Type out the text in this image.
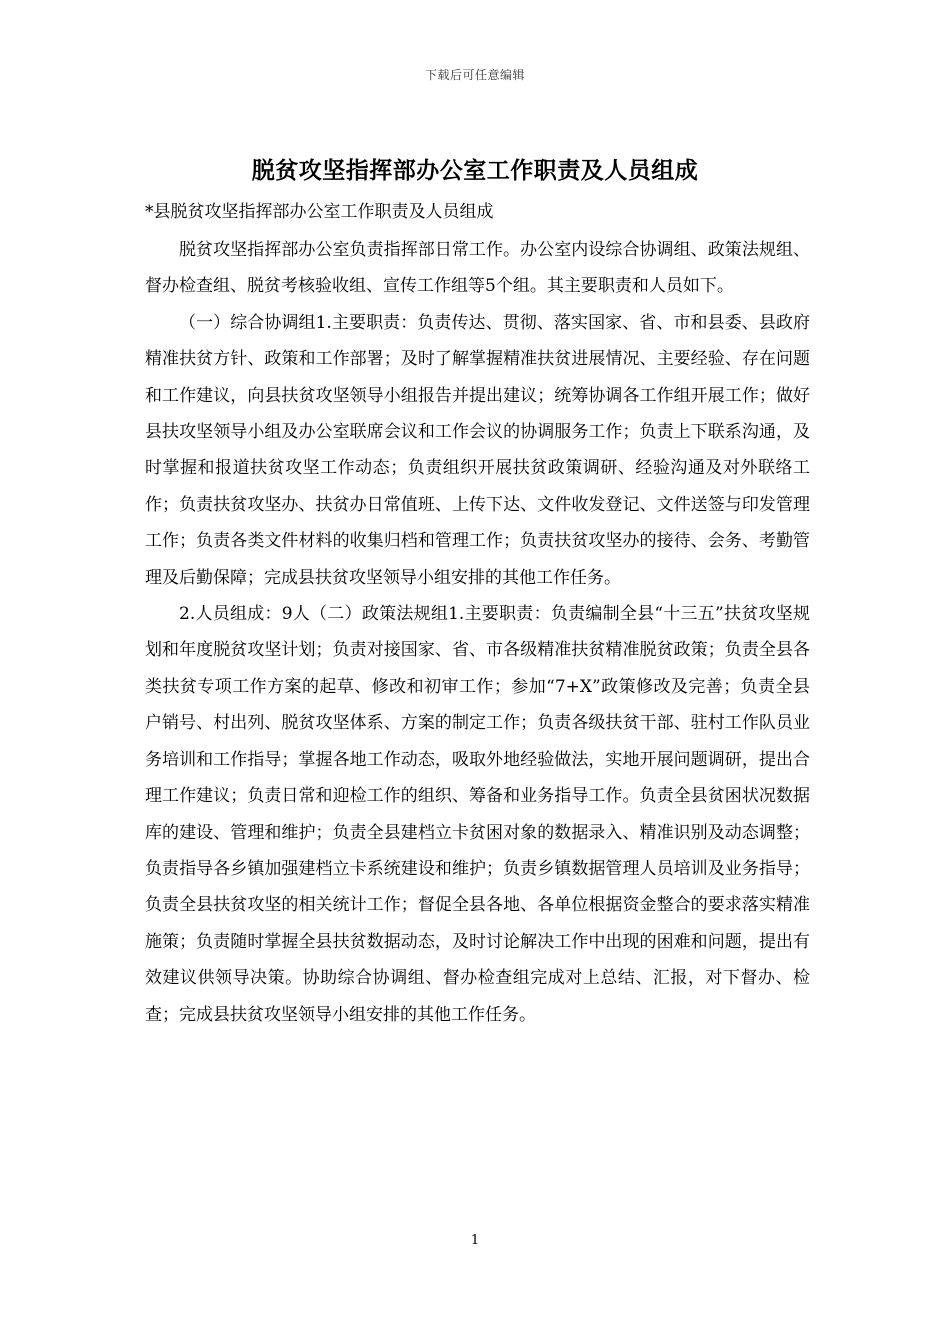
下载后可任意编辑
脱贫攻坚指挥部办公室工作职责及人员组成
*县脱贫攻坚指挥部办公室工作职责及人员组成

脱贫攻坚指挥部办公室负责指挥部日常工作。办公室内设综合协调组、政策法规组、督办检查组、脱贫考核验收组、宣传工作组等5个组。其主要职责和人员如下。

（一）综合协调组1.主要职责：负责传达、贯彻、落实国家、省、市和县委、县政府精准扶贫方针、政策和工作部署；及时了解掌握精准扶贫进展情况、主要经验、存在问题和工作建议，向县扶贫攻坚领导小组报告并提出建议；统筹协调各工作组开展工作；做好县扶攻坚领导小组及办公室联席会议和工作会议的协调服务工作；负责上下联系沟通，及时掌握和报道扶贫攻坚工作动态；负责组织开展扶贫政策调研、经验沟通及对外联络工作；负责扶贫攻坚办、扶贫办日常值班、上传下达、文件收发登记、文件送签与印发管理工作；负责各类文件材料的收集归档和管理工作；负责扶贫攻坚办的接待、会务、考勤管理及后勤保障；完成县扶贫攻坚领导小组安排的其他工作任务。

2.人员组成：9人（二）政策法规组1.主要职责：负责编制全县“十三五”扶贫攻坚规划和年度脱贫攻坚计划；负责对接国家、省、市各级精准扶贫精准脱贫政策；负责全县各类扶贫专项工作方案的起草、修改和初审工作；参加“7+X”政策修改及完善；负责全县户销号、村出列、脱贫攻坚体系、方案的制定工作；负责各级扶贫干部、驻村工作队员业务培训和工作指导；掌握各地工作动态，吸取外地经验做法，实地开展问题调研，提出合理工作建议；负责日常和迎检工作的组织、筹备和业务指导工作。负责全县贫困状况数据库的建设、管理和维护；负责全县建档立卡贫困对象的数据录入、精准识别及动态调整；负责指导各乡镇加强建档立卡系统建设和维护；负责乡镇数据管理人员培训及业务指导；负责全县扶贫攻坚的相关统计工作；督促全县各地、各单位根据资金整合的要求落实精准施策；负责随时掌握全县扶贫数据动态，及时讨论解决工作中出现的困难和问题，提出有效建议供领导决策。协助综合协调组、督办检查组完成对上总结、汇报，对下督办、检查；完成县扶贫攻坚领导小组安排的其他工作任务。

1
